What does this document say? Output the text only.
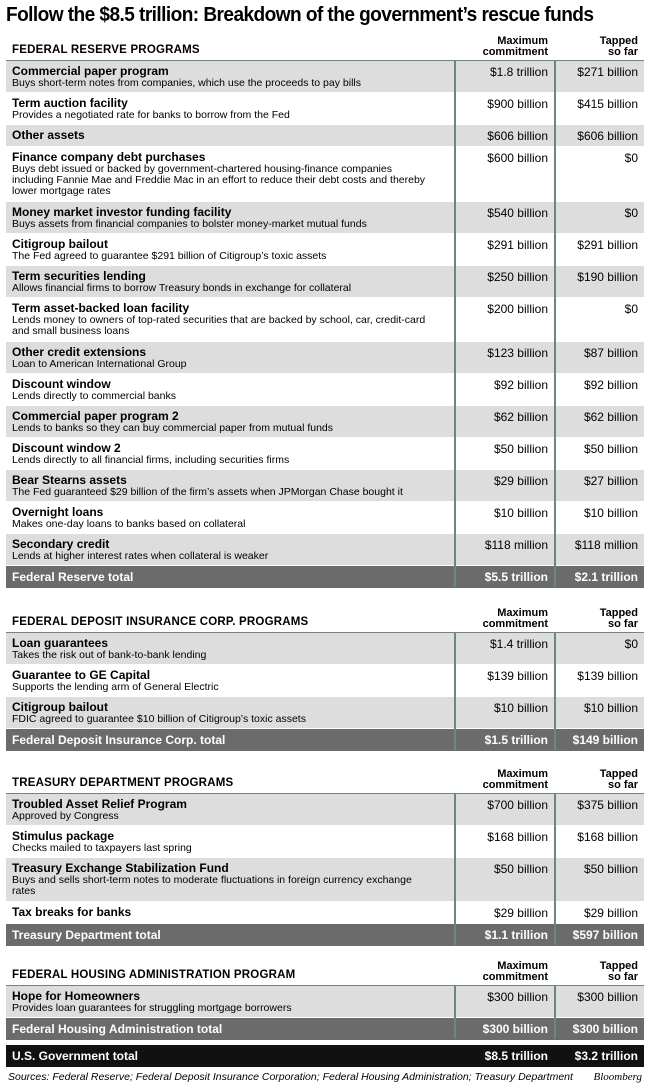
Follow the $8.5 trillion: Breakdown of the government’s rescue funds
FEDERAL RESERVE PROGRAMS
Maximum
commitment
Tapped
so far
Commercial paper program
Buys short-term notes from companies, which use the proceeds to pay bills
$1.8 trillion $271 billion
Term auction facility
Provides a negotiated rate for banks to borrow from the Fed
$900 billion $415 billion
Other assets	$606 billion $606 billion
Finance company debt purchases
Buys debt issued or backed by government-chartered housing-finance companies including Fannie Mae and Freddie Mac in an effort to reduce their debt costs and thereby lower mortgage rates
$600 billion	$0
Money market investor funding facility
Buys assets from financial companies to bolster money-market mutual funds
$540 billion	$0
Citigroup bailout
The Fed agreed to guarantee $291 billion of Citigroup’s toxic assets
$291 billion $291 billion
Term securities lending
Allows financial firms to borrow Treasury bonds in exchange for collateral
$250 billion $190 billion
Term asset-backed loan facility
Lends money to owners of top-rated securities that are backed by school, car, credit-card and small business loans
$200 billion	$0
Other credit extensions
Loan to American International Group
$123 billion	$87 billion
Discount window
Lends directly to commercial banks
$92 billion	$92 billion
Commercial paper program 2
Lends to banks so they can buy commercial paper from mutual funds
$62 billion	$62 billion
Discount window 2
Lends directly to all financial firms, including securities firms
$50 billion	$50 billion
Bear Stearns assets
The Fed guaranteed $29 billion of the firm’s assets when JPMorgan Chase bought it
$29 billion	$27 billion
Overnight loans
Makes one-day loans to banks based on collateral
$10 billion	$10 billion
Secondary credit
Lends at higher interest rates when collateral is weaker
$118 million $118 million
Federal Reserve total	$5.5 trillion $2.1 trillion
FEDERAL DEPOSIT INSURANCE CORP. PROGRAMS
Maximum
commitment
Tapped
so far
Loan guarantees
Takes the risk out of bank-to-bank lending
$1.4 trillion	$0
Guarantee to GE Capital
Supports the lending arm of General Electric
$139 billion $139 billion
Citigroup bailout
FDIC agreed to guarantee $10 billion of Citigroup’s toxic assets
$10 billion	$10 billion
Federal Deposit Insurance Corp. total	$1.5 trillion $149 billion
TREASURY DEPARTMENT PROGRAMS
Maximum
commitment
Tapped
so far
Troubled Asset Relief Program
Approved by Congress
$700 billion $375 billion
Stimulus package
Checks mailed to taxpayers last spring
$168 billion $168 billion
Treasury Exchange Stabilization Fund
Buys and sells short-term notes to moderate fluctuations in foreign currency exchange rates
$50 billion	$50 billion
Tax breaks for banks	$29 billion	$29 billion
Treasury Department total	$1.1 trillion $597 billion
FEDERAL HOUSING ADMINISTRATION PROGRAM
Maximum
commitment
Tapped
so far
Hope for Homeowners
Provides loan guarantees for struggling mortgage borrowers
$300 billion $300 billion
Federal Housing Administration total	$300 billion $300 billion
U.S. Government total	$8.5 trillion $3.2 trillion
Sources: Federal Reserve; Federal Deposit Insurance Corporation; Federal Housing Administration; Treasury Department Bloomberg
